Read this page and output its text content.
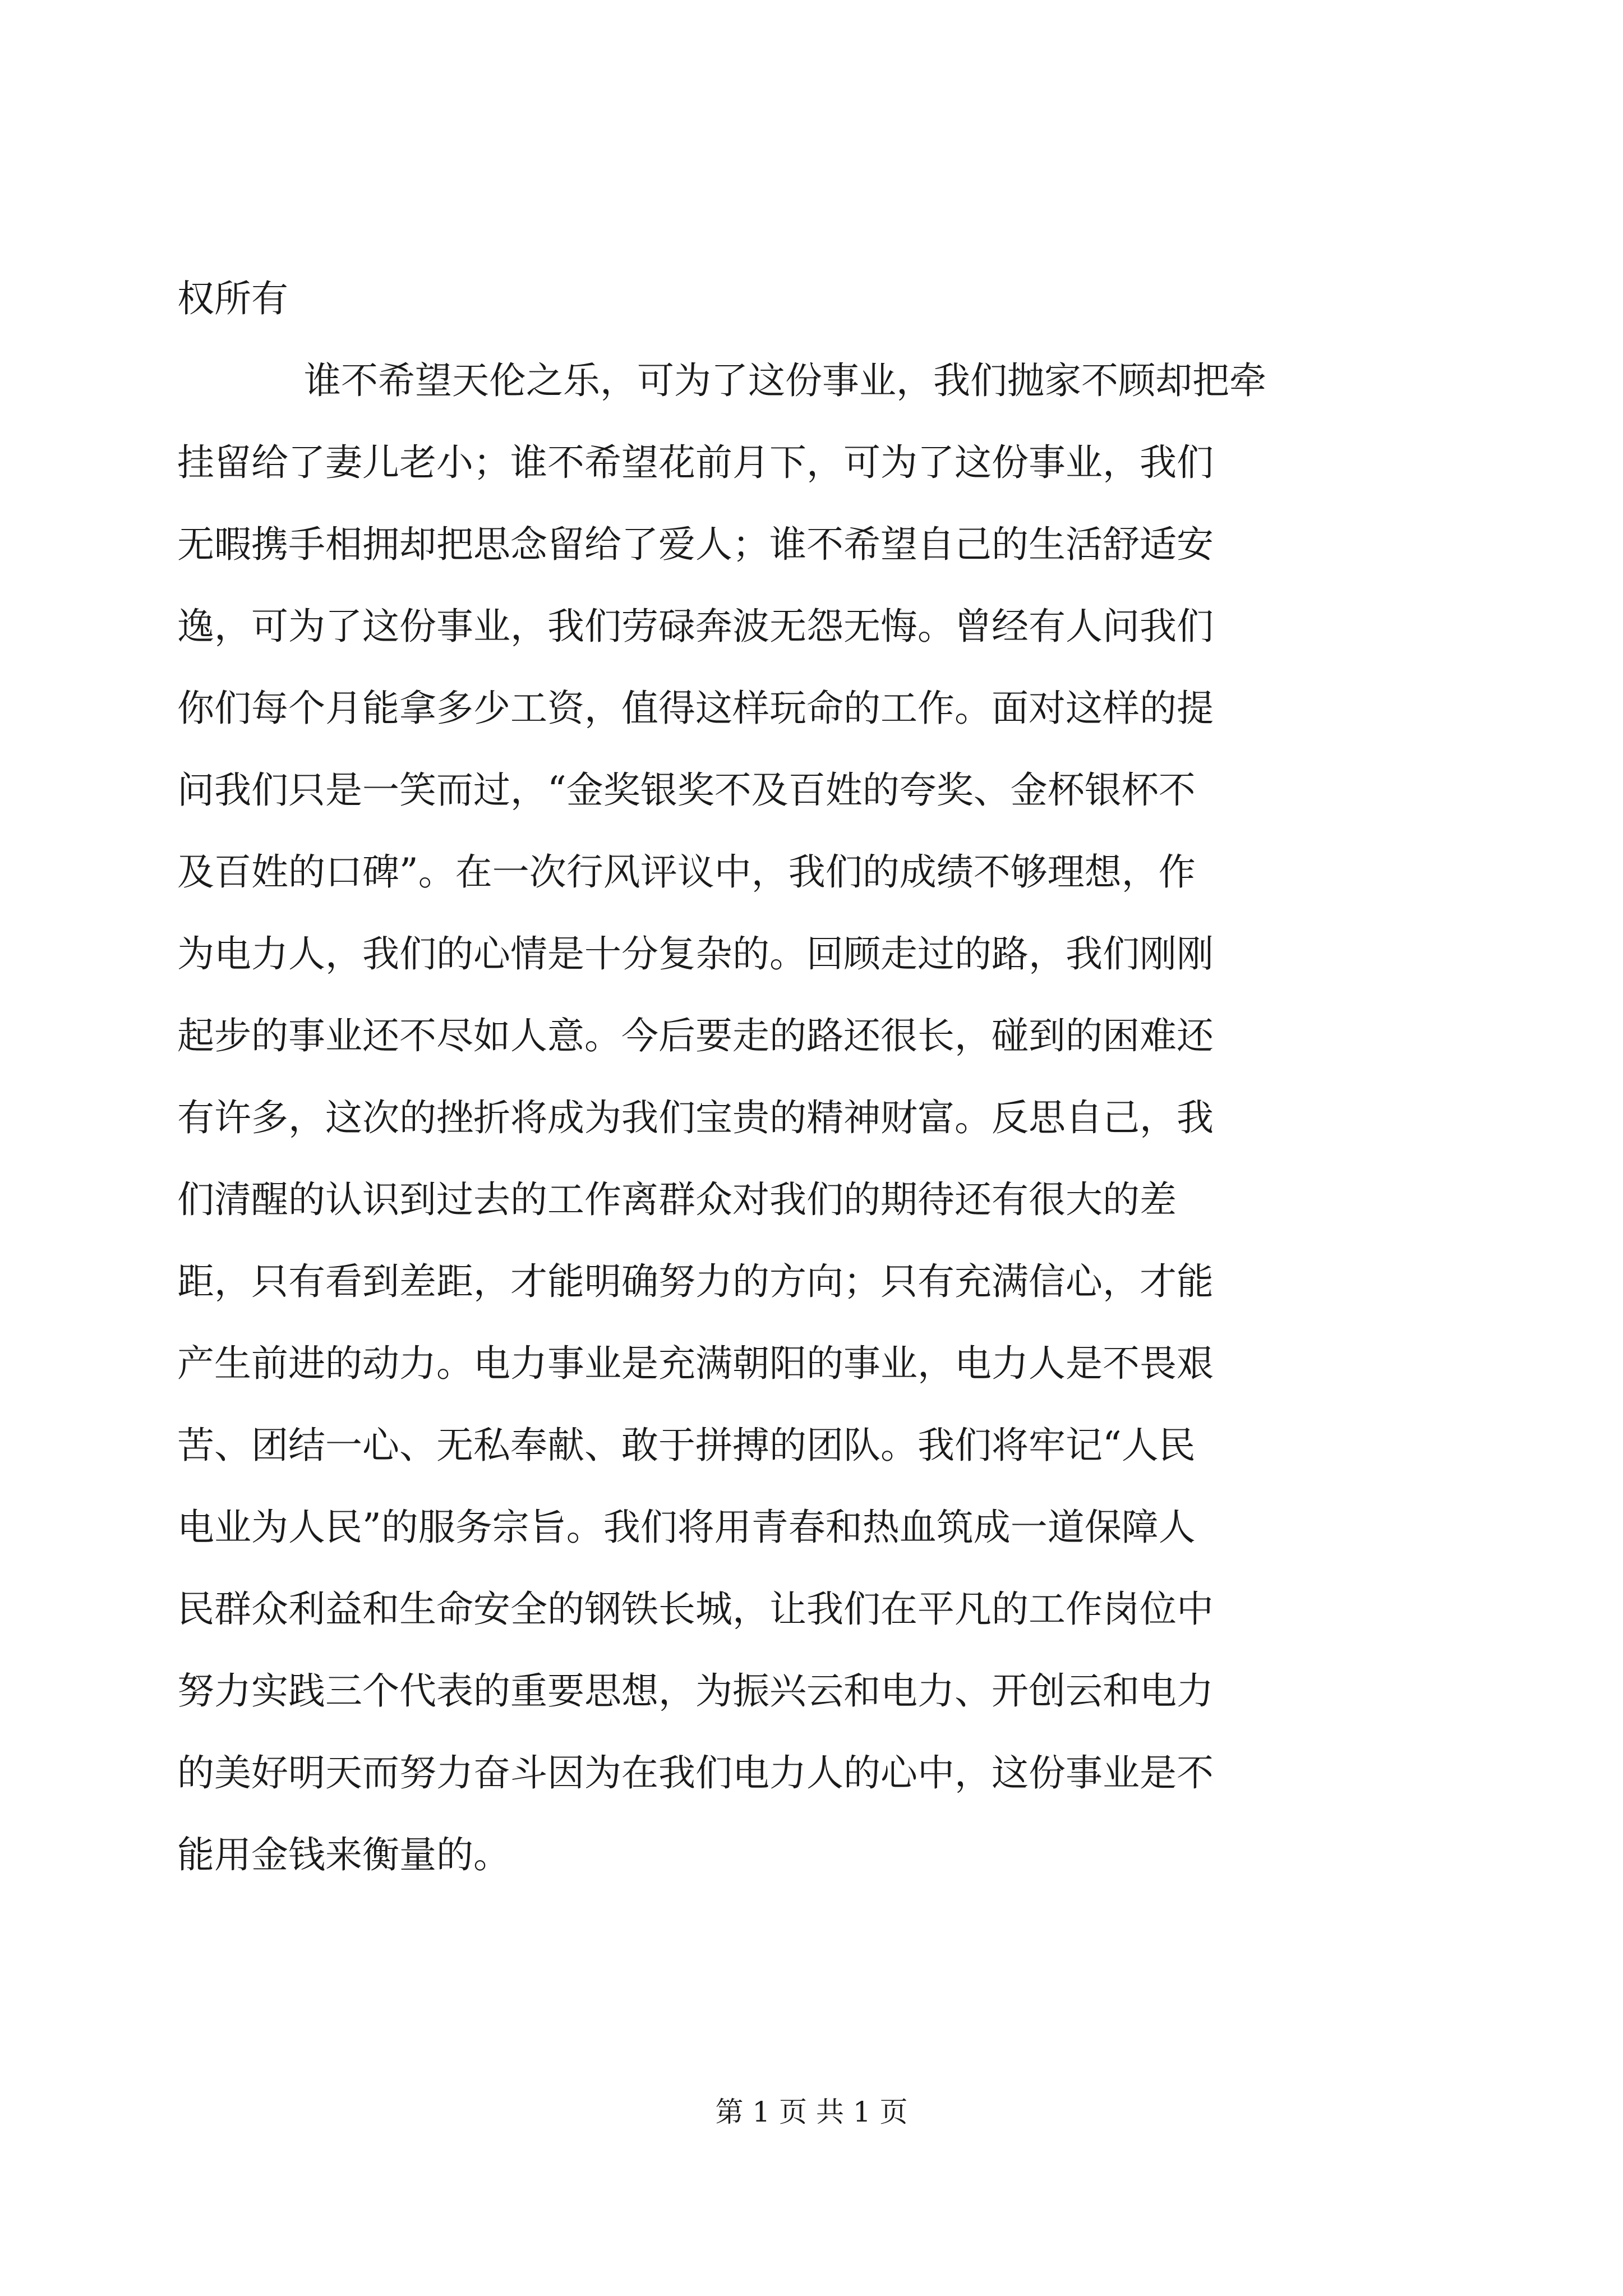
权所有
谁不希望天伦之乐，可为了这份事业，我们抛家不顾却把牵
挂留给了妻儿老小；谁不希望花前月下，可为了这份事业，我们
无暇携手相拥却把思念留给了爱人；谁不希望自己的生活舒适安
逸，可为了这份事业，我们劳碌奔波无怨无悔。曾经有人问我们
你们每个月能拿多少工资，值得这样玩命的工作。面对这样的提
问我们只是一笑而过，“金奖银奖不及百姓的夸奖、金杯银杯不
及百姓的口碑”。在一次行风评议中，我们的成绩不够理想，作
为电力人，我们的心情是十分复杂的。回顾走过的路，我们刚刚
起步的事业还不尽如人意。今后要走的路还很长，碰到的困难还
有许多，这次的挫折将成为我们宝贵的精神财富。反思自己，我
们清醒的认识到过去的工作离群众对我们的期待还有很大的差
距，只有看到差距，才能明确努力的方向；只有充满信心，才能
产生前进的动力。电力事业是充满朝阳的事业，电力人是不畏艰
苦、团结一心、无私奉献、敢于拼搏的团队。我们将牢记“人民
电业为人民”的服务宗旨。我们将用青春和热血筑成一道保障人
民群众利益和生命安全的钢铁长城，让我们在平凡的工作岗位中
努力实践三个代表的重要思想，为振兴云和电力、开创云和电力
的美好明天而努力奋斗因为在我们电力人的心中，这份事业是不
能用金钱来衡量的。
第 1 页 共 1 页
